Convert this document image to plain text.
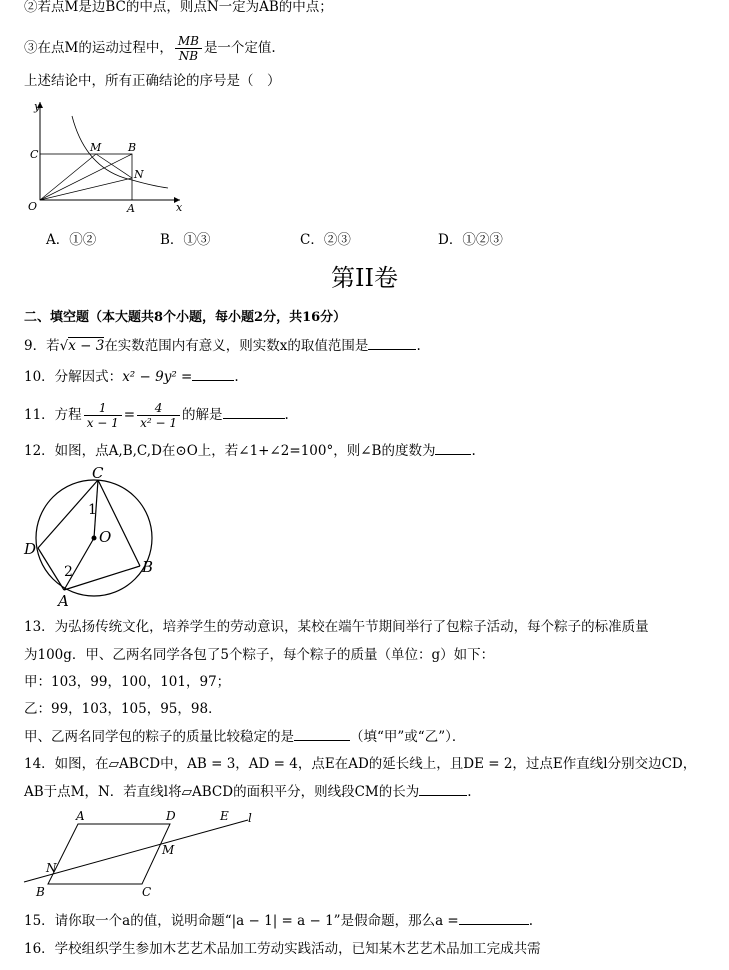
②若点M是边BC的中点，则点N一定为AB的中点；
③在点M的运动过程中， $\frac{MB}{NB}$ 是一个定值.
上述结论中，所有正确结论的序号是（　）
y
x
O	A
B
C
M
N
A．①②	B．①③	C．②③	D．①②③
第II卷
二、填空题（本大题共8个小题，每小题2分，共16分）
9．若√x − 3在实数范围内有意义，则实数x的取值范围是	.
10．分解因式：x² − 9y² =	.
11．方程 $\frac{1}{x - 1} = \frac{4}{\text{x² − 1}}$ 的解是	.
12．如图，点A,B,C,D在⊙O上，若∠1+∠2=100°，则∠B的度数为	.
C
D
O
B
A
1
2
13．为弘扬传统文化，培养学生的劳动意识，某校在端午节期间举行了包粽子活动，每个粽子的标准质量
为100g．甲、乙两名同学各包了5个粽子，每个粽子的质量（单位：g）如下：
甲：103，99，100，101，97；
乙：99，103，105，95，98．
甲、乙两名同学包的粽子的质量比较稳定的是	（填“甲”或“乙”）．
14．如图，在▱ABCD中，AB = 3，AD = 4，点E在AD的延长线上，且DE = 2，过点E作直线l分别交边CD，
AB于点M，N．若直线l将▱ABCD的面积平分，则线段CM的长为	.
A	D	E l
M
N
B	C
15．请你取一个a的值，说明命题“|a − 1| = a − 1”是假命题，那么a =	.
16．学校组织学生参加木艺艺术品加工劳动实践活动，已知某木艺艺术品加工完成共需
